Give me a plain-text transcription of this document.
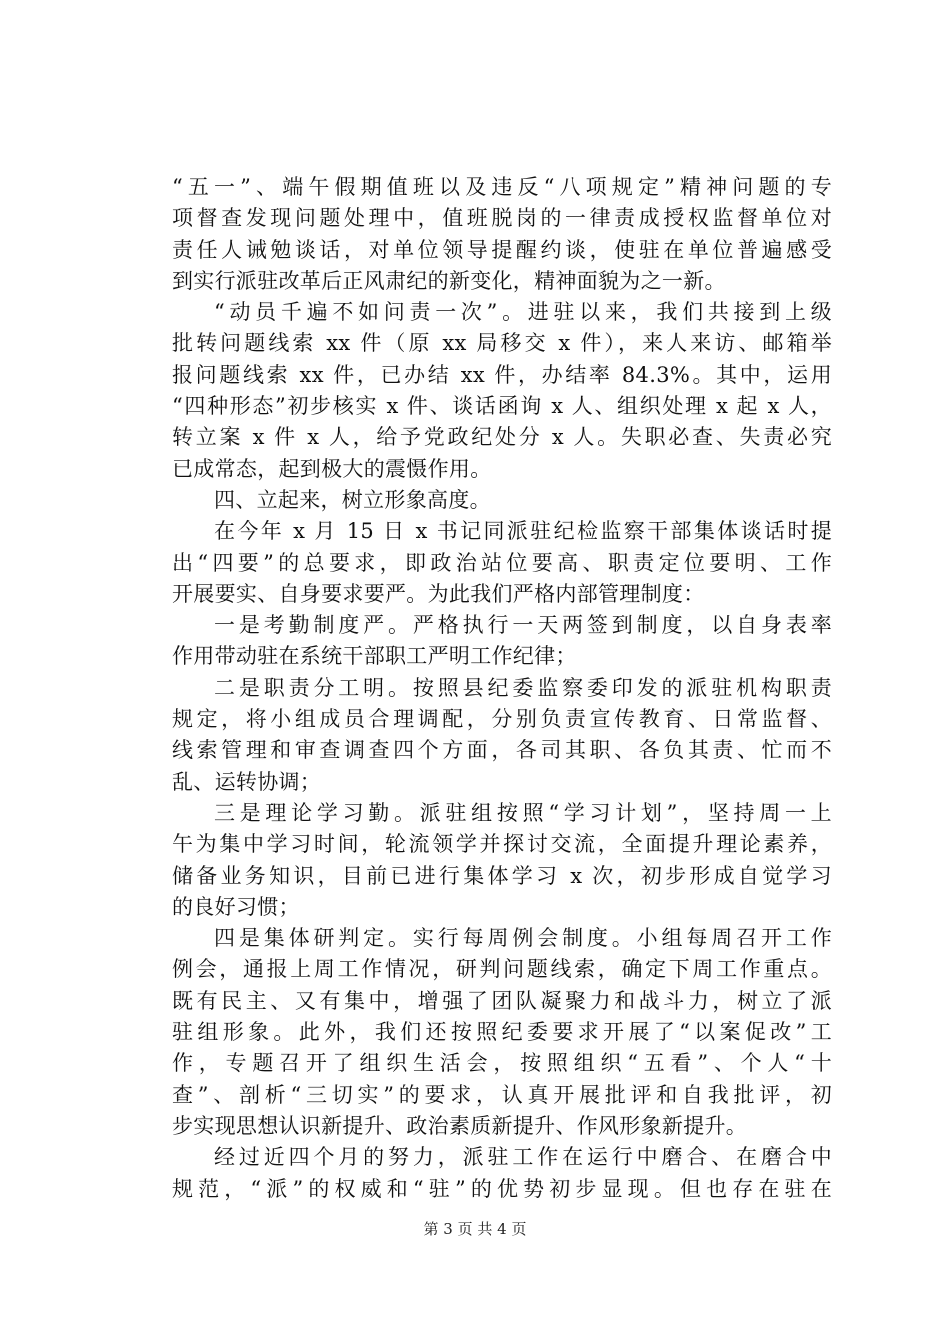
“五一”、端午假期值班以及违反“八项规定”精神问题的专
项督查发现问题处理中，值班脱岗的一律责成授权监督单位对
责任人诫勉谈话，对单位领导提醒约谈，使驻在单位普遍感受
到实行派驻改革后正风肃纪的新变化，精神面貌为之一新。
“动员千遍不如问责一次”。进驻以来，我们共接到上级
批转问题线索 xx 件（原 xx 局移交 x 件），来人来访、邮箱举
报问题线索 xx 件，已办结 xx 件，办结率 84.3%。其中，运用
“四种形态”初步核实 x 件、谈话函询 x 人、组织处理 x 起 x 人，
转立案 x 件 x 人，给予党政纪处分 x 人。失职必查、失责必究
已成常态，起到极大的震慑作用。
四、立起来，树立形象高度。
在今年 x 月 15 日 x 书记同派驻纪检监察干部集体谈话时提
出“四要”的总要求，即政治站位要高、职责定位要明、工作
开展要实、自身要求要严。为此我们严格内部管理制度：
一是考勤制度严。严格执行一天两签到制度，以自身表率
作用带动驻在系统干部职工严明工作纪律；
二是职责分工明。按照县纪委监察委印发的派驻机构职责
规定，将小组成员合理调配，分别负责宣传教育、日常监督、
线索管理和审查调查四个方面，各司其职、各负其责、忙而不
乱、运转协调；
三是理论学习勤。派驻组按照“学习计划”，坚持周一上
午为集中学习时间，轮流领学并探讨交流，全面提升理论素养，
储备业务知识，目前已进行集体学习 x 次，初步形成自觉学习
的良好习惯；
四是集体研判定。实行每周例会制度。小组每周召开工作
例会，通报上周工作情况，研判问题线索，确定下周工作重点。
既有民主、又有集中，增强了团队凝聚力和战斗力，树立了派
驻组形象。此外，我们还按照纪委要求开展了“以案促改”工
作，专题召开了组织生活会，按照组织“五看”、个人“十
查”、剖析“三切实”的要求，认真开展批评和自我批评，初
步实现思想认识新提升、政治素质新提升、作风形象新提升。
经过近四个月的努力，派驻工作在运行中磨合、在磨合中
规范，“派”的权威和“驻”的优势初步显现。但也存在驻在
第 3 页 共 4 页
